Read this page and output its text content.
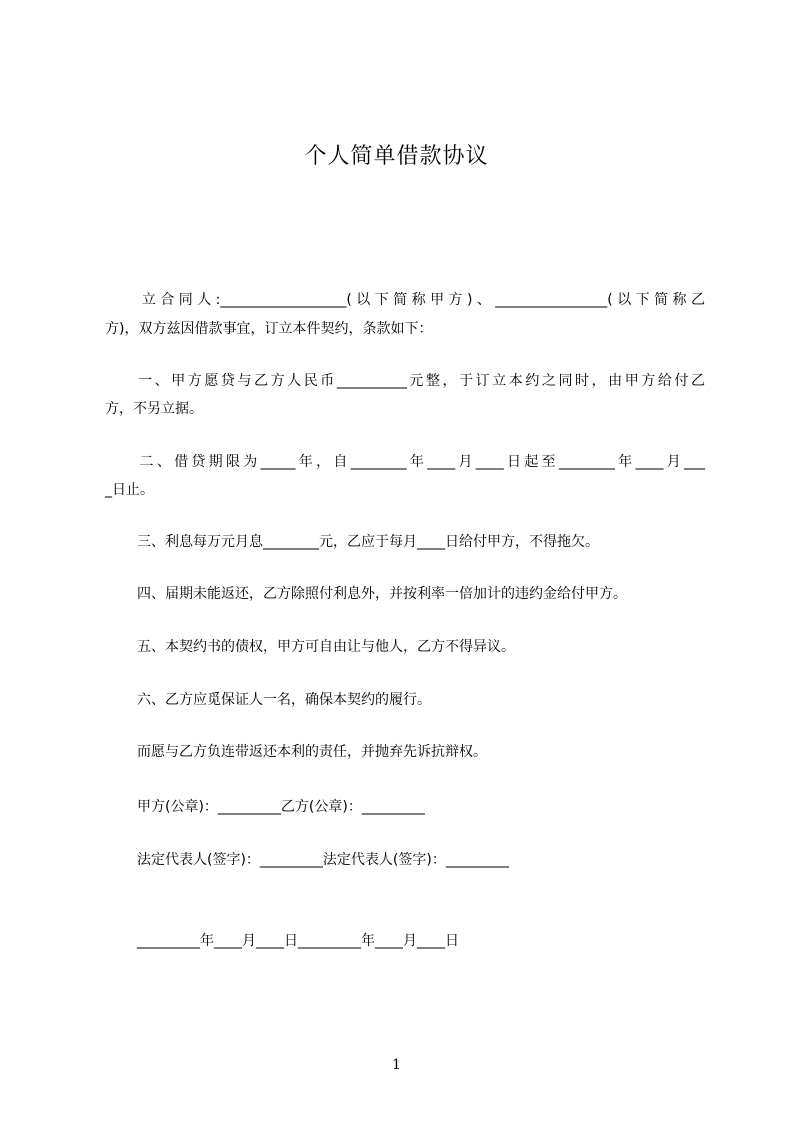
个人简单借款协议
　　立合同人:__________________(以下简称甲方)、________________(以下简称乙
方)，双方兹因借款事宜，订立本件契约，条款如下：
　　一、甲方愿贷与乙方人民币__________元整，于订立本约之同时，由甲方给付乙
方，不另立据。
　　二、借贷期限为_____年，自________年____月____日起至________年____月___
_日止。
三、利息每万元月息________元，乙应于每月____日给付甲方，不得拖欠。
四、届期未能返还，乙方除照付利息外，并按利率一倍加计的违约金给付甲方。
五、本契约书的债权，甲方可自由让与他人，乙方不得异议。
六、乙方应觅保证人一名，确保本契约的履行。
而愿与乙方负连带返还本利的责任，并抛弃先诉抗辩权。
甲方(公章)：_________乙方(公章)：_________
法定代表人(签字)：_________法定代表人(签字)：_________
_________年____月____日_________年____月____日
1
